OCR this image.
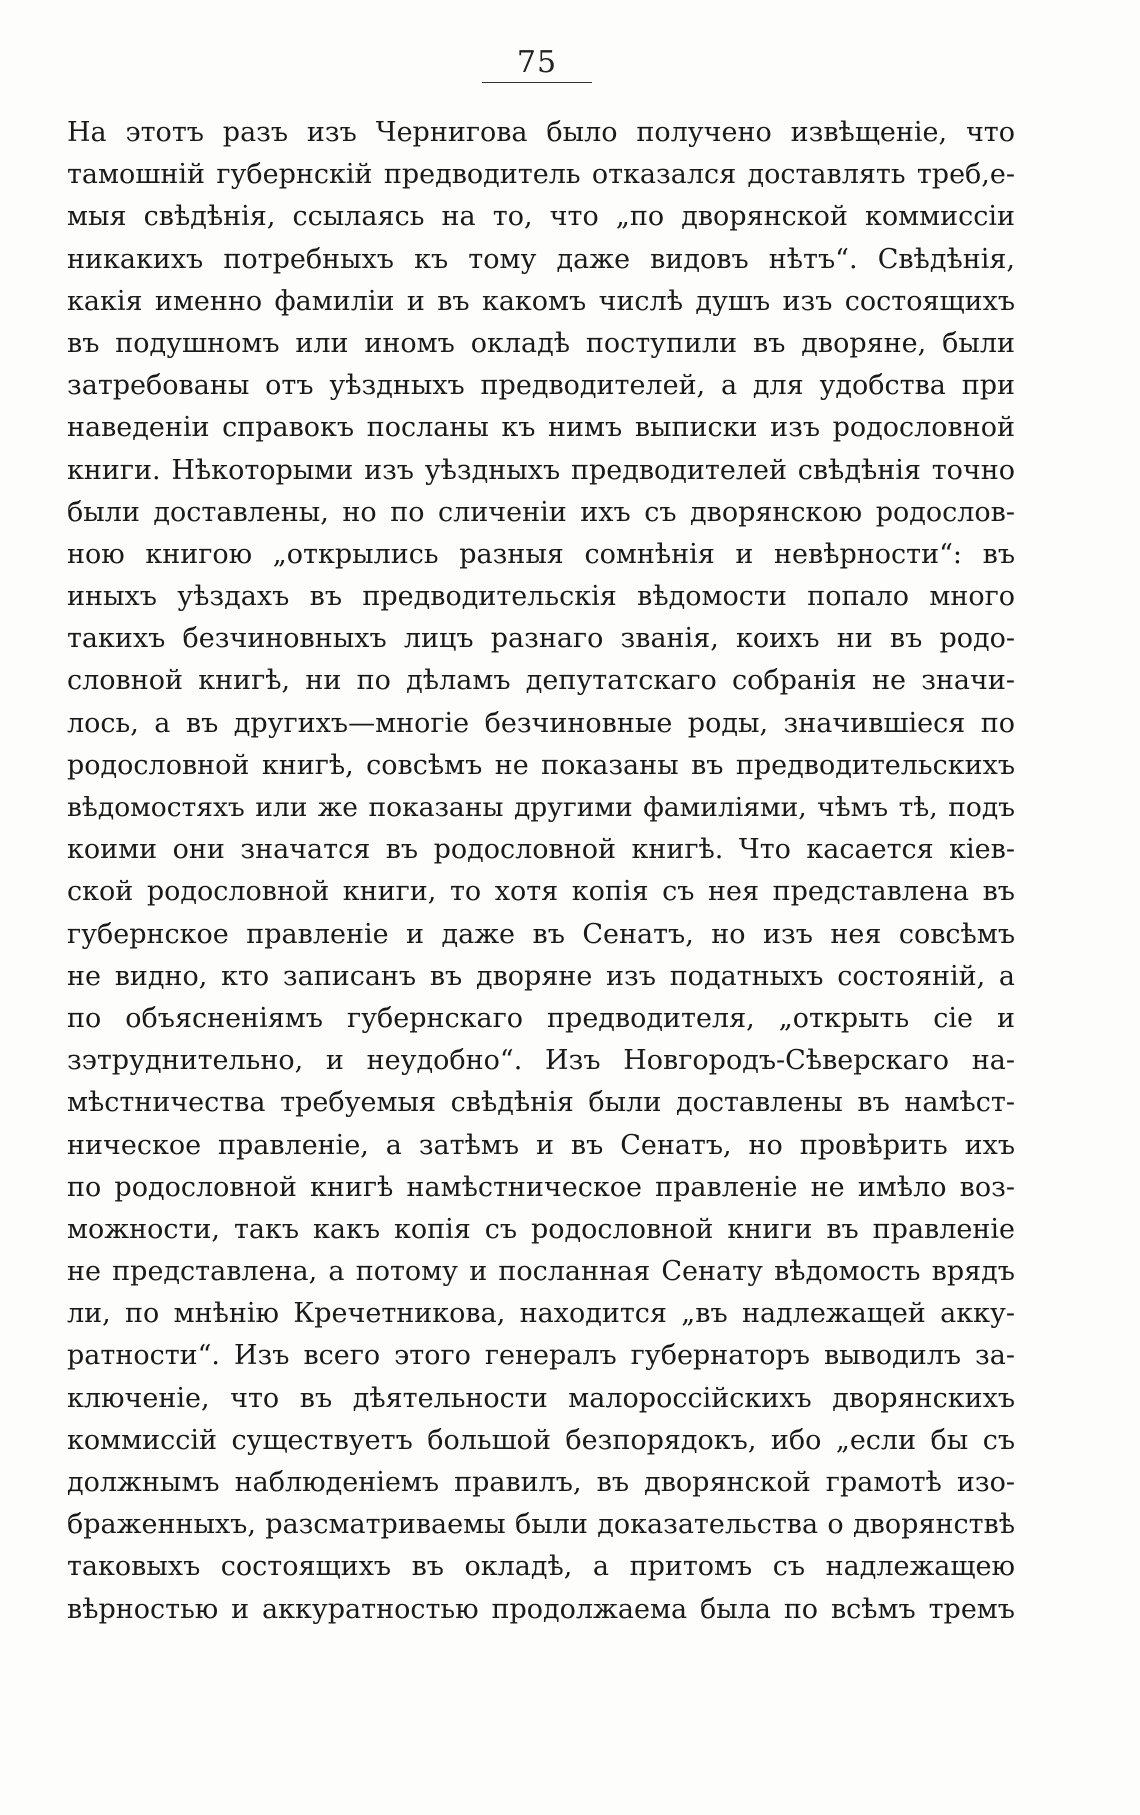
75
На этотъ разъ изъ Чернигова было получено извѣщеніе, что
тамошній губернскій предводитель отказался доставлять треб,е-
мыя свѣдѣнія, ссылаясь на то, что „по дворянской коммиссіи
никакихъ потребныхъ къ тому даже видовъ нѣтъ“. Свѣдѣнія,
какія именно фамиліи и въ какомъ числѣ душъ изъ состоящихъ
въ подушномъ или иномъ окладѣ поступили въ дворяне, были
затребованы отъ уѣздныхъ предводителей, а для удобства при
наведеніи справокъ посланы къ нимъ выписки изъ родословной
книги. Нѣкоторыми изъ уѣздныхъ предводителей свѣдѣнія точно
были доставлены, но по сличеніи ихъ съ дворянскою родослов-
ною книгою „открылись разныя сомнѣнія и невѣрности“: въ
иныхъ уѣздахъ въ предводительскія вѣдомости попало много
такихъ безчиновныхъ лицъ разнаго званія, коихъ ни въ родо-
словной книгѣ, ни по дѣламъ депутатскаго собранія не значи-
лось, а въ другихъ—многіе безчиновные роды, значившіеся по
родословной книгѣ, совсѣмъ не показаны въ предводительскихъ
вѣдомостяхъ или же показаны другими фамиліями, чѣмъ тѣ, подъ
коими они значатся въ родословной книгѣ. Что касается кіев-
ской родословной книги, то хотя копія съ нея представлена въ
губернское правленіе и даже въ Сенатъ, но изъ нея совсѣмъ
не видно, кто записанъ въ дворяне изъ податныхъ состояній, а
по объясненіямъ губернскаго предводителя, „открыть сіе и
зэтруднительно, и неудобно“. Изъ Новгородъ-Сѣверскаго на-
мѣстничества требуемыя свѣдѣнія были доставлены въ намѣст-
ническое правленіе, а затѣмъ и въ Сенатъ, но провѣрить ихъ
по родословной книгѣ намѣстническое правленіе не имѣло воз-
можности, такъ какъ копія съ родословной книги въ правленіе
не представлена, а потому и посланная Сенату вѣдомость врядъ
ли, по мнѣнію Кречетникова, находится „въ надлежащей акку-
ратности“. Изъ всего этого генералъ губернаторъ выводилъ за-
ключеніе, что въ дѣятельности малороссійскихъ дворянскихъ
коммиссій существуетъ большой безпорядокъ, ибо „если бы съ
должнымъ наблюденіемъ правилъ, въ дворянской грамотѣ изо-
браженныхъ, разсматриваемы были доказательства о дворянствѣ
таковыхъ состоящихъ въ окладѣ, а притомъ съ надлежащею
вѣрностью и аккуратностью продолжаема была по всѣмъ тремъ
